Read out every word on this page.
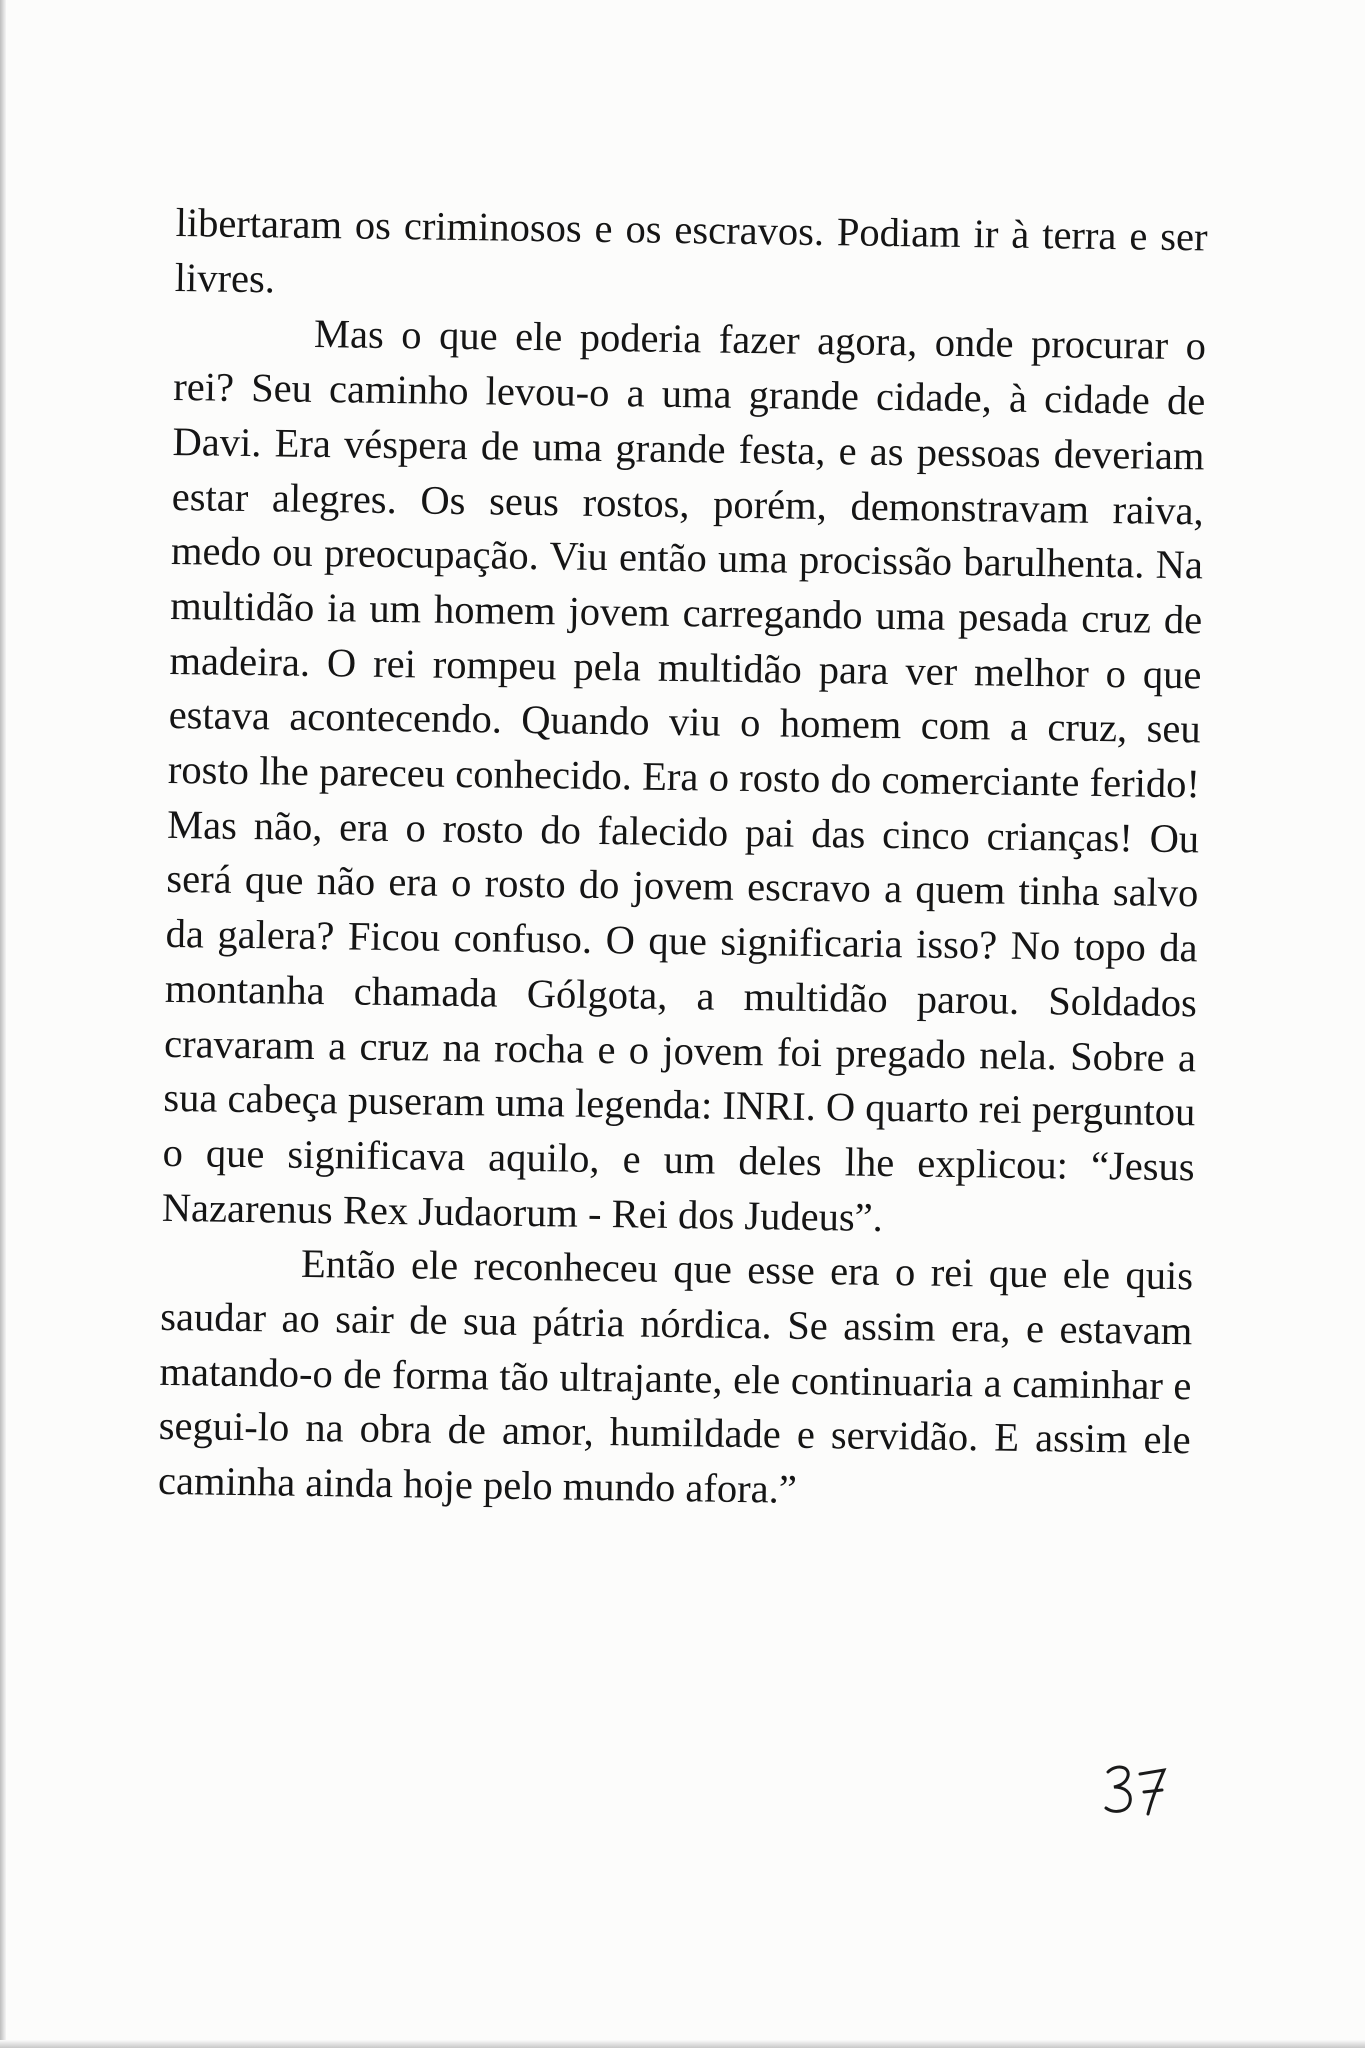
libertaram os criminosos e os escravos. Podiam ir à terra e ser livres.

Mas o que ele poderia fazer agora, onde procurar o rei? Seu caminho levou-o a uma grande cidade, à cidade de Davi. Era véspera de uma grande festa, e as pessoas deveriam estar alegres. Os seus rostos, porém, demonstravam raiva, medo ou preocupação. Viu então uma procissão barulhenta. Na multidão ia um homem jovem carregando uma pesada cruz de madeira. O rei rompeu pela multidão para ver melhor o que estava acontecendo. Quando viu o homem com a cruz, seu rosto lhe pareceu conhecido. Era o rosto do comerciante ferido! Mas não, era o rosto do falecido pai das cinco crianças! Ou será que não era o rosto do jovem escravo a quem tinha salvo da galera? Ficou confuso. O que significaria isso? No topo da montanha chamada Gólgota, a multidão parou. Soldados cravaram a cruz na rocha e o jovem foi pregado nela. Sobre a sua cabeça puseram uma legenda: INRI. O quarto rei perguntou o que significava aquilo, e um deles lhe explicou: “Jesus Nazarenus Rex Judaorum - Rei dos Judeus”.

Então ele reconheceu que esse era o rei que ele quis saudar ao sair de sua pátria nórdica. Se assim era, e estavam matando-o de forma tão ultrajante, ele continuaria a caminhar e segui-lo na obra de amor, humildade e servidão. E assim ele caminha ainda hoje pelo mundo afora.”
